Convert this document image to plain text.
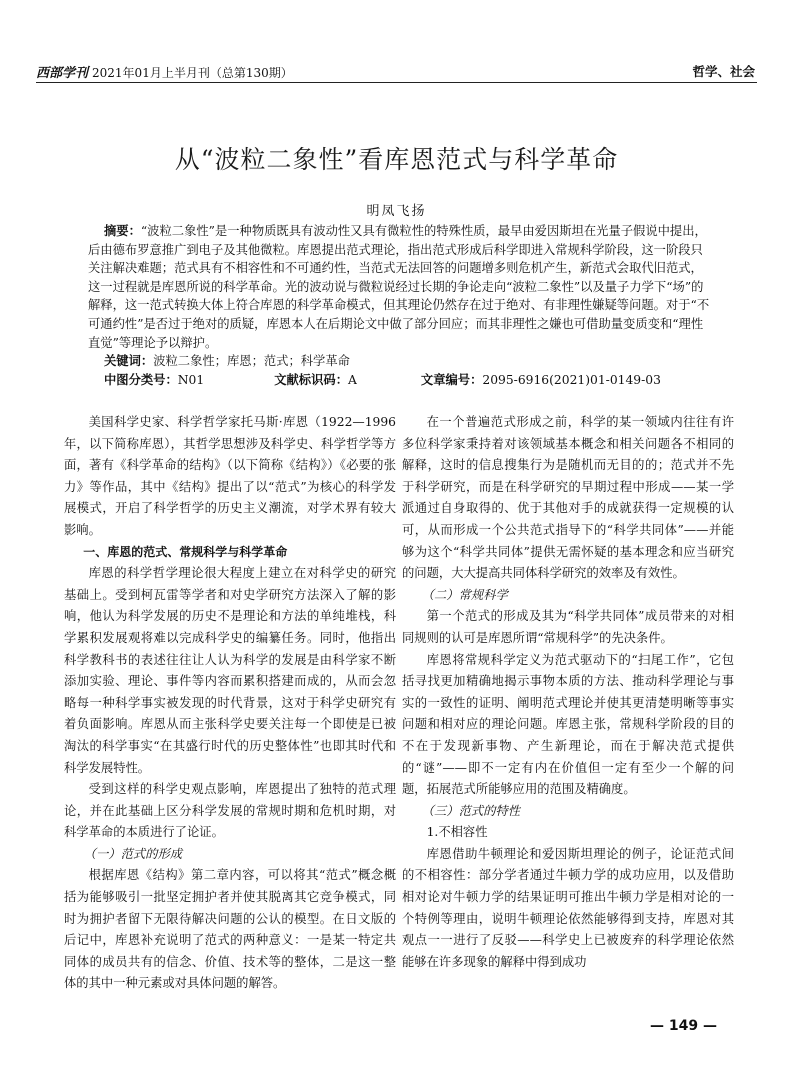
西部学刊 2021年01月上半月刊（总第130期）	哲学、社会
从“波粒二象性”看库恩范式与科学革命
明凤飞扬

摘要：“波粒二象性”是一种物质既具有波动性又具有微粒性的特殊性质，最早由爱因斯坦在光量子假说中提出，后由德布罗意推广到电子及其他微粒。库恩提出范式理论，指出范式形成后科学即进入常规科学阶段，这一阶段只关注解决难题；范式具有不相容性和不可通约性，当范式无法回答的问题增多则危机产生，新范式会取代旧范式，这一过程就是库恩所说的科学革命。光的波动说与微粒说经过长期的争论走向“波粒二象性”以及量子力学下“场”的解释，这一范式转换大体上符合库恩的科学革命模式，但其理论仍然存在过于绝对、有非理性嫌疑等问题。对于“不可通约性”是否过于绝对的质疑，库恩本人在后期论文中做了部分回应；而其非理性之嫌也可借助量变质变和“理性直觉”等理论予以辩护。

关键词：波粒二象性；库恩；范式；科学革命

中图分类号：N01	文献标识码：A	文章编号：2095-6916(2021)01-0149-03

美国科学史家、科学哲学家托马斯·库恩（1922—1996年，以下简称库恩），其哲学思想涉及科学史、科学哲学等方面，著有《科学革命的结构》（以下简称《结构》）《必要的张力》等作品，其中《结构》提出了以“范式”为核心的科学发展模式，开启了科学哲学的历史主义潮流，对学术界有较大影响。

一、库恩的范式、常规科学与科学革命

库恩的科学哲学理论很大程度上建立在对科学史的研究基础上。受到柯瓦雷等学者和对史学研究方法深入了解的影响，他认为科学发展的历史不是理论和方法的单纯堆栈，科学累积发展观将难以完成科学史的编纂任务。同时，他指出科学教科书的表述往往让人认为科学的发展是由科学家不断添加实验、理论、事件等内容而累积搭建而成的，从而会忽略每一种科学事实被发现的时代背景，这对于科学史研究有着负面影响。库恩从而主张科学史要关注每一个即使是已被淘汰的科学事实“在其盛行时代的历史整体性”也即其时代和科学发展特性。

受到这样的科学史观点影响，库恩提出了独特的范式理论，并在此基础上区分科学发展的常规时期和危机时期，对科学革命的本质进行了论证。

（一）范式的形成

根据库恩《结构》第二章内容，可以将其“范式”概念概括为能够吸引一批坚定拥护者并使其脱离其它竞争模式，同时为拥护者留下无限待解决问题的公认的模型。在日文版的后记中，库恩补充说明了范式的两种意义：一是某一特定共同体的成员共有的信念、价值、技术等的整体，二是这一整体的其中一种元素或对具体问题的解答。

在一个普遍范式形成之前，科学的某一领域内往往有许多位科学家秉持着对该领域基本概念和相关问题各不相同的解释，这时的信息搜集行为是随机而无目的的；范式并不先于科学研究，而是在科学研究的早期过程中形成——某一学派通过自身取得的、优于其他对手的成就获得一定规模的认可，从而形成一个公共范式指导下的“科学共同体”——并能够为这个“科学共同体”提供无需怀疑的基本理念和应当研究的问题，大大提高共同体科学研究的效率及有效性。

（二）常规科学

第一个范式的形成及其为“科学共同体”成员带来的对相同规则的认可是库恩所谓“常规科学”的先决条件。

库恩将常规科学定义为范式驱动下的“扫尾工作”，它包括寻找更加精确地揭示事物本质的方法、推动科学理论与事实的一致性的证明、阐明范式理论并使其更清楚明晰等事实问题和相对应的理论问题。库恩主张，常规科学阶段的目的不在于发现新事物、产生新理论，而在于解决范式提供的“谜”——即不一定有内在价值但一定有至少一个解的问题，拓展范式所能够应用的范围及精确度。

（三）范式的特性

1.不相容性

库恩借助牛顿理论和爱因斯坦理论的例子，论证范式间的不相容性：部分学者通过牛顿力学的成功应用，以及借助相对论对牛顿力学的结果证明可推出牛顿力学是相对论的一个特例等理由，说明牛顿理论依然能够得到支持，库恩对其观点一一进行了反驳——科学史上已被废弃的科学理论依然能够在许多现象的解释中得到成功

— 149 —
